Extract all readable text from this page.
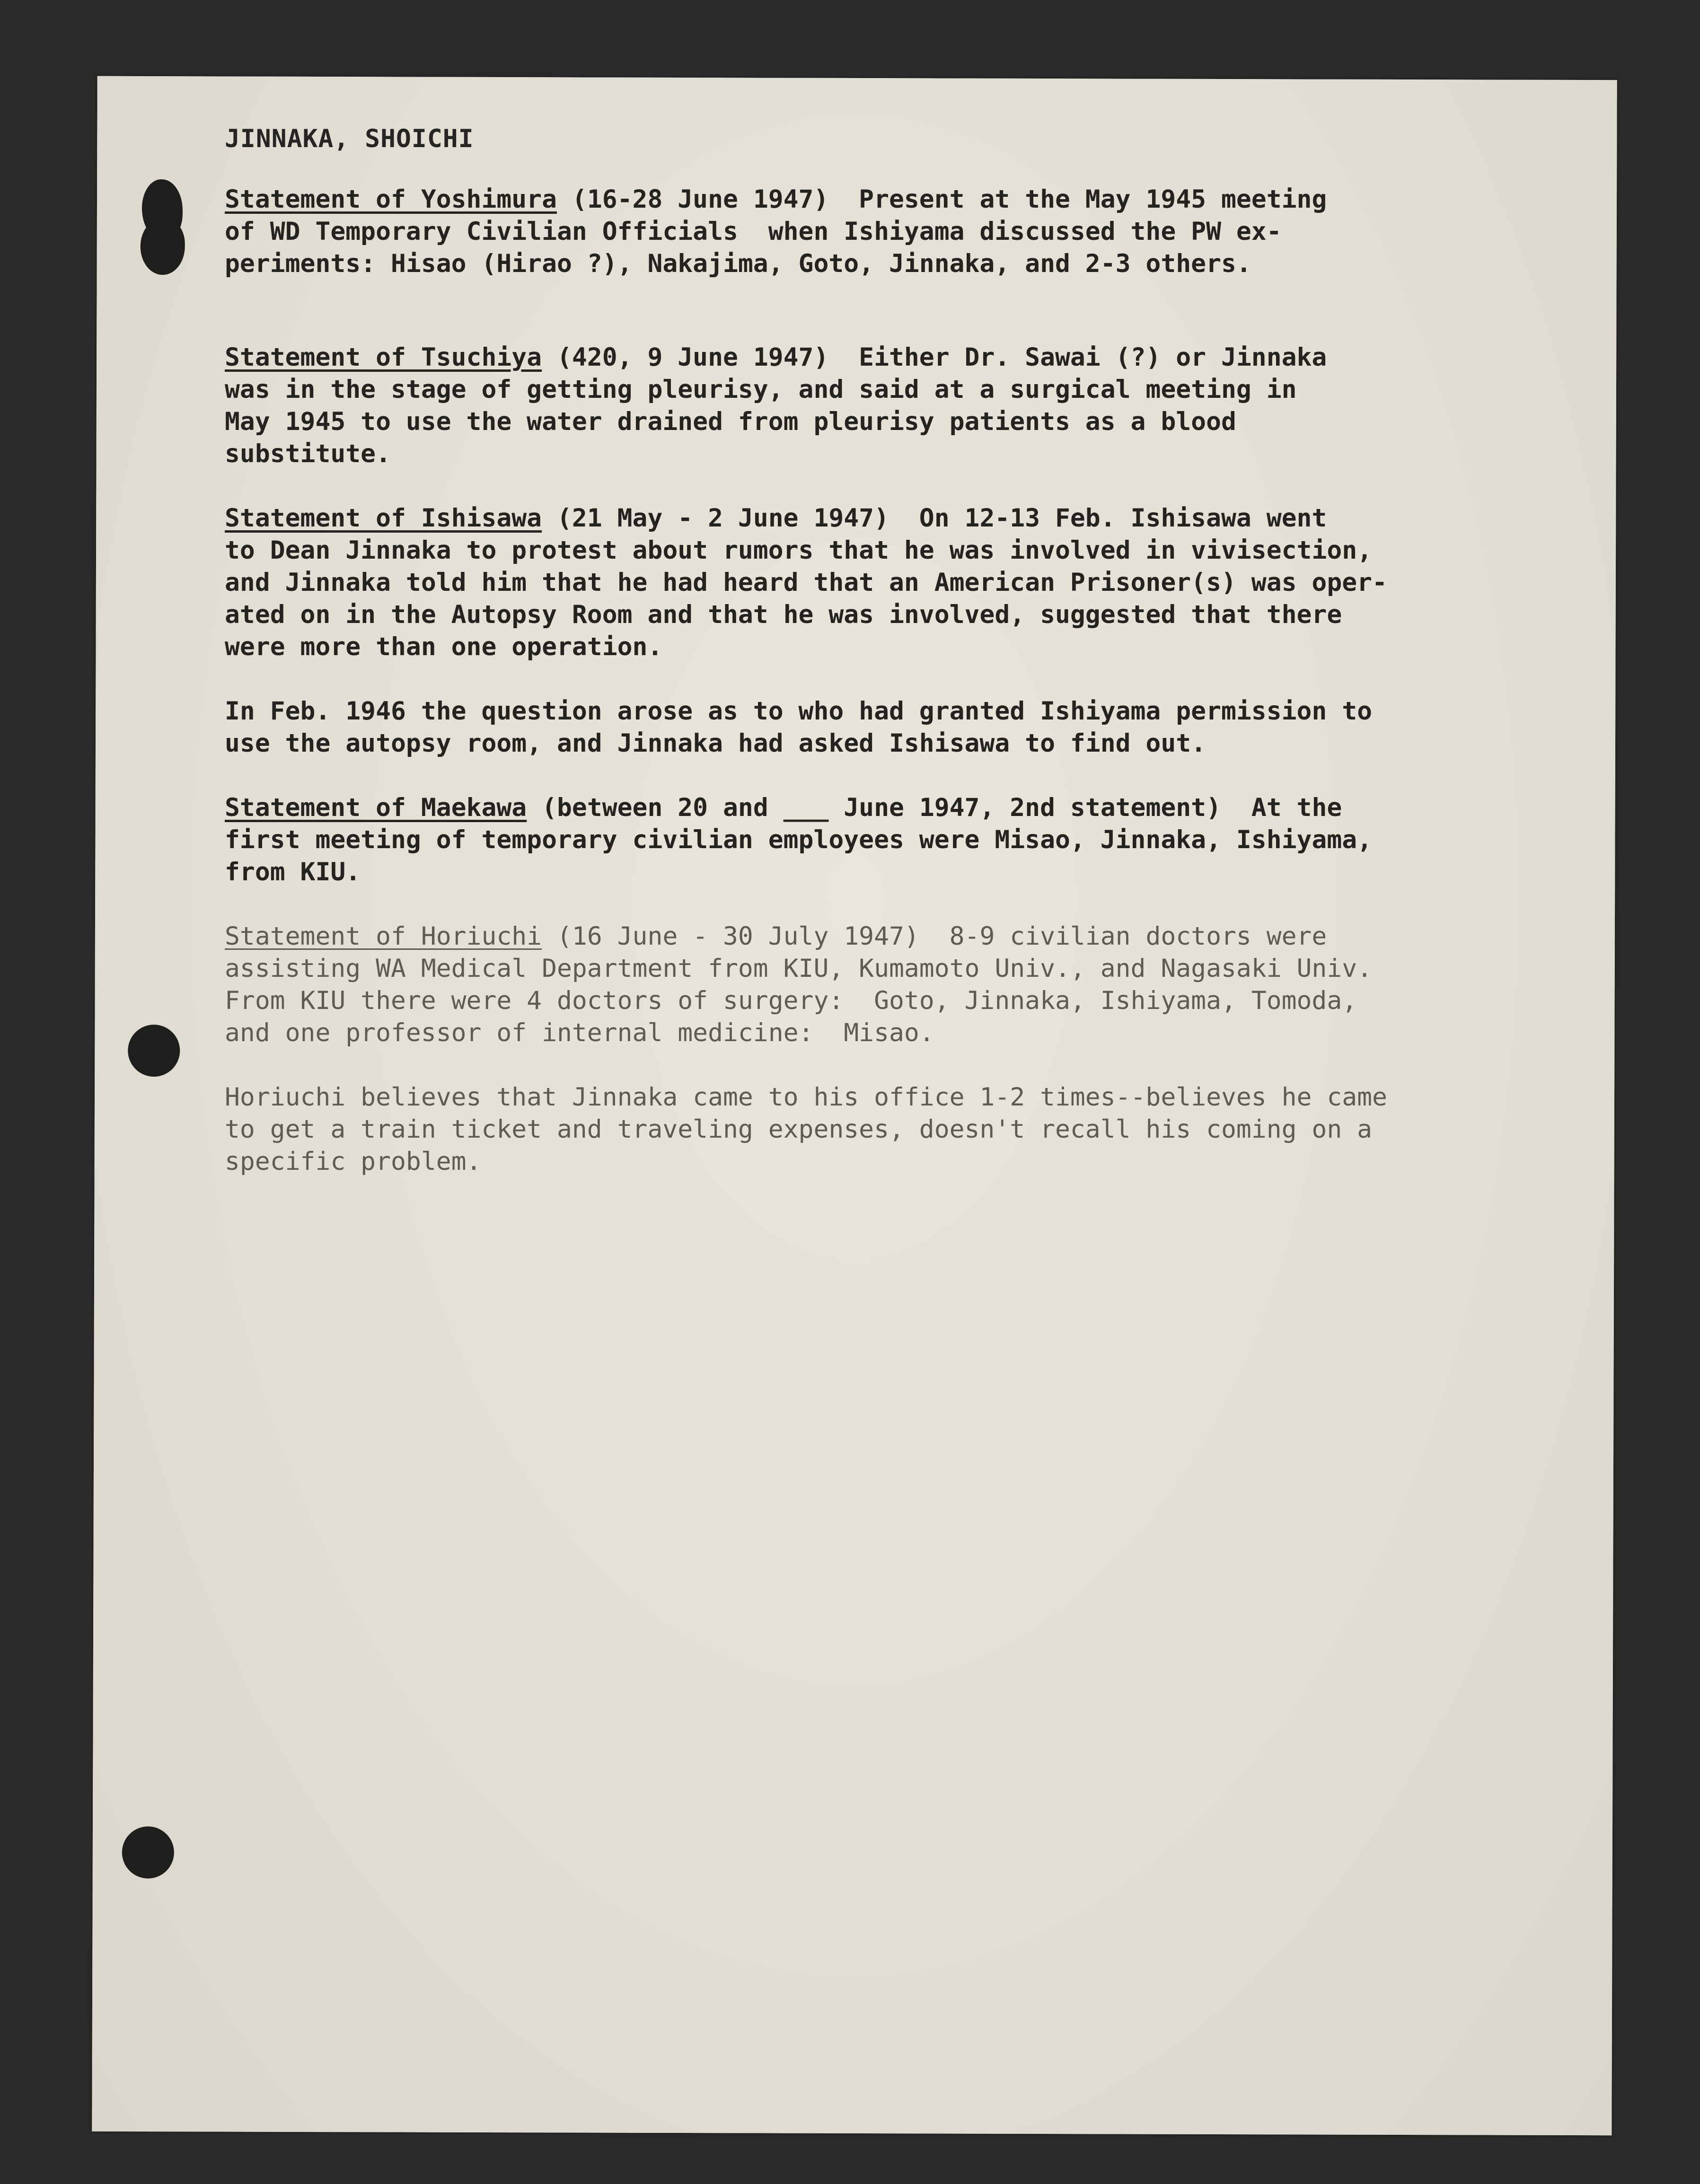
JINNAKA, SHOICHI

Statement of Yoshimura (16-28 June 1947)  Present at the May 1945 meeting
of WD Temporary Civilian Officials  when Ishiyama discussed the PW ex-
periments: Hisao (Hirao ?), Nakajima, Goto, Jinnaka, and 2-3 others.

Statement of Tsuchiya (420, 9 June 1947)  Either Dr. Sawai (?) or Jinnaka
was in the stage of getting pleurisy, and said at a surgical meeting in
May 1945 to use the water drained from pleurisy patients as a blood
substitute.

Statement of Ishisawa (21 May - 2 June 1947)  On 12-13 Feb. Ishisawa went
to Dean Jinnaka to protest about rumors that he was involved in vivisection,
and Jinnaka told him that he had heard that an American Prisoner(s) was oper-
ated on in the Autopsy Room and that he was involved, suggested that there
were more than one operation.

In Feb. 1946 the question arose as to who had granted Ishiyama permission to
use the autopsy room, and Jinnaka had asked Ishisawa to find out.

Statement of Maekawa (between 20 and ___ June 1947, 2nd statement)  At the
first meeting of temporary civilian employees were Misao, Jinnaka, Ishiyama,
from KIU.

Statement of Horiuchi (16 June - 30 July 1947)  8-9 civilian doctors were
assisting WA Medical Department from KIU, Kumamoto Univ., and Nagasaki Univ.
From KIU there were 4 doctors of surgery:  Goto, Jinnaka, Ishiyama, Tomoda,
and one professor of internal medicine:  Misao.

Horiuchi believes that Jinnaka came to his office 1-2 times--believes he came
to get a train ticket and traveling expenses, doesn't recall his coming on a
specific problem.
